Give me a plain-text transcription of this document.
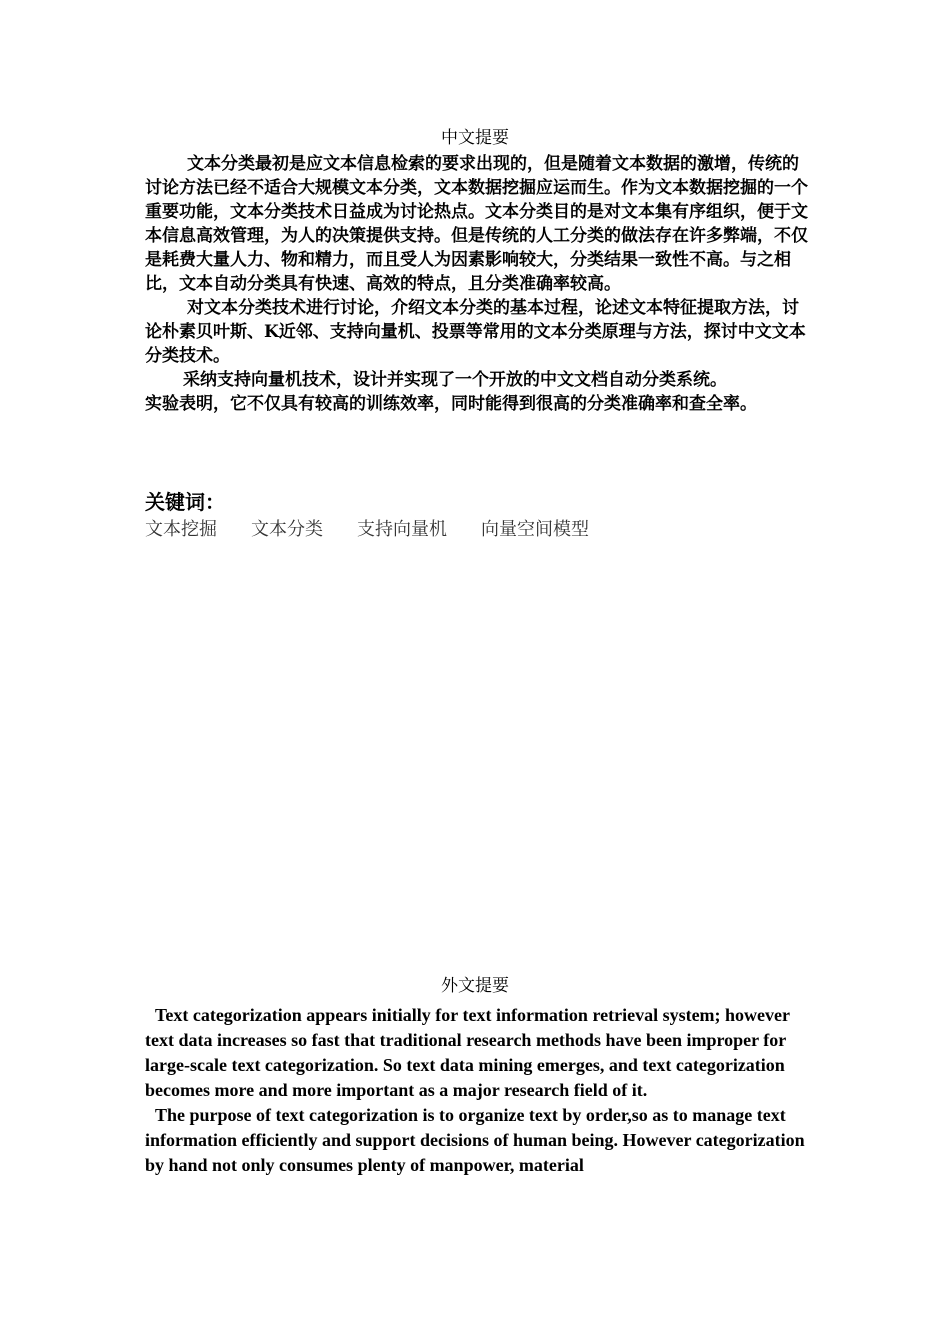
中文提要

文本分类最初是应文本信息检索的要求出现的，但是随着文本数据的激增，传统的讨论方法已经不适合大规模文本分类，文本数据挖掘应运而生。作为文本数据挖掘的一个重要功能，文本分类技术日益成为讨论热点。文本分类目的是对文本集有序组织，便于文本信息高效管理，为人的决策提供支持。但是传统的人工分类的做法存在许多弊端，不仅是耗费大量人力、物和精力，而且受人为因素影响较大，分类结果一致性不高。与之相比，文本自动分类具有快速、高效的特点，且分类准确率较高。

对文本分类技术进行讨论，介绍文本分类的基本过程，论述文本特征提取方法，讨论朴素贝叶斯、K近邻、支持向量机、投票等常用的文本分类原理与方法，探讨中文文本分类技术。

采纳支持向量机技术，设计并实现了一个开放的中文文档自动分类系统。

实验表明，它不仅具有较高的训练效率，同时能得到很高的分类准确率和查全率。

关键词：
文本挖掘	文本分类	支持向量机	向量空间模型
外文提要

Text categorization appears initially for text information retrieval system; however text data increases so fast that traditional research methods have been improper for large-scale text categorization. So text data mining emerges, and text categorization becomes more and more important as a major research field of it.

The purpose of text categorization is to organize text by order,so as to manage text information efficiently and support decisions of human being. However categorization by hand not only consumes plenty of manpower, material
